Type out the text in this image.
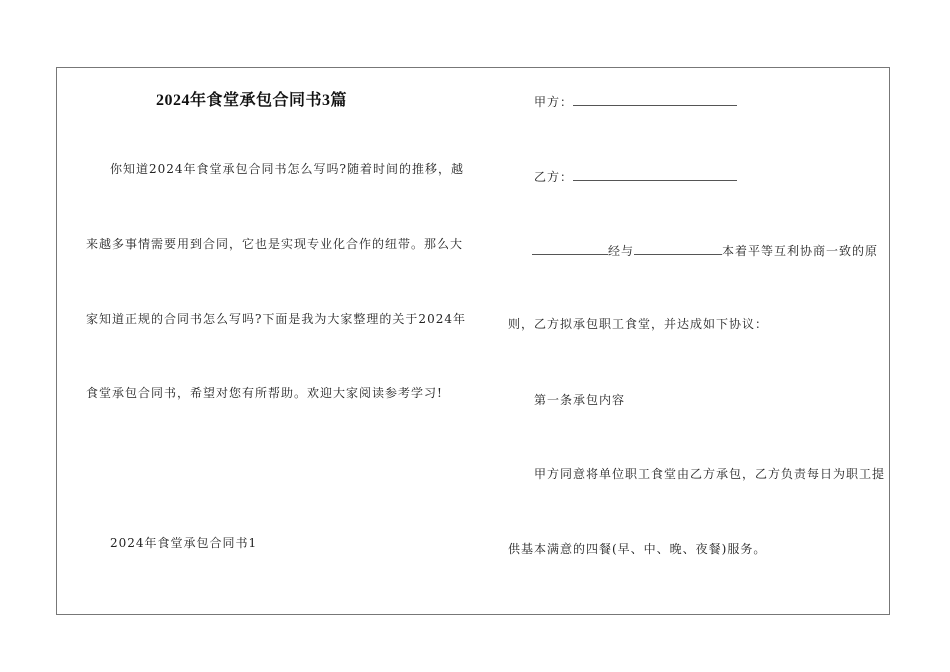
2024年食堂承包合同书3篇
你知道2024年食堂承包合同书怎么写吗?随着时间的推移，越
来越多事情需要用到合同，它也是实现专业化合作的纽带。那么大
家知道正规的合同书怎么写吗?下面是我为大家整理的关于2024年
食堂承包合同书，希望对您有所帮助。欢迎大家阅读参考学习!
2024年食堂承包合同书1
甲方：
乙方：
经与	本着平等互利协商一致的原
则，乙方拟承包职工食堂，并达成如下协议：
第一条承包内容
甲方同意将单位职工食堂由乙方承包，乙方负责每日为职工提
供基本满意的四餐(早、中、晚、夜餐)服务。
